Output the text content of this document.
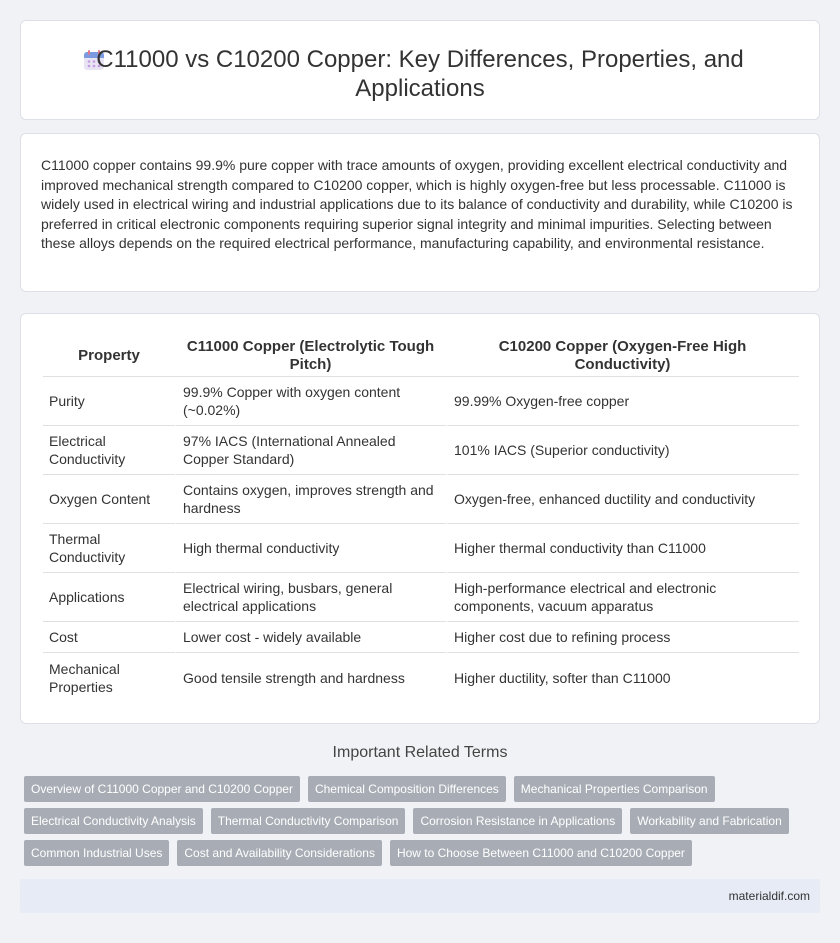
C11000 vs C10200 Copper: Key Differences, Properties, and Applications

C11000 copper contains 99.9% pure copper with trace amounts of oxygen, providing excellent electrical conductivity and improved mechanical strength compared to C10200 copper, which is highly oxygen-free but less processable. C11000 is widely used in electrical wiring and industrial applications due to its balance of conductivity and durability, while C10200 is preferred in critical electronic components requiring superior signal integrity and minimal impurities. Selecting between these alloys depends on the required electrical performance, manufacturing capability, and environmental resistance.

Property	C11000 Copper (Electrolytic Tough Pitch)	C10200 Copper (Oxygen-Free High Conductivity)
Purity	99.9% Copper with oxygen content (~0.02%)	99.99% Oxygen-free copper
Electrical Conductivity	97% IACS (International Annealed Copper Standard)	101% IACS (Superior conductivity)
Oxygen Content	Contains oxygen, improves strength and hardness	Oxygen-free, enhanced ductility and conductivity
Thermal Conductivity	High thermal conductivity	Higher thermal conductivity than C11000
Applications	Electrical wiring, busbars, general electrical applications	High-performance electrical and electronic components, vacuum apparatus
Cost	Lower cost - widely available	Higher cost due to refining process
Mechanical Properties	Good tensile strength and hardness	Higher ductility, softer than C11000
Important Related Terms
Overview of C11000 Copper and C10200 Copper	Chemical Composition Differences	Mechanical Properties Comparison
Electrical Conductivity Analysis	Thermal Conductivity Comparison	Corrosion Resistance in Applications	Workability and Fabrication
Common Industrial Uses	Cost and Availability Considerations	How to Choose Between C11000 and C10200 Copper
materialdif.com
